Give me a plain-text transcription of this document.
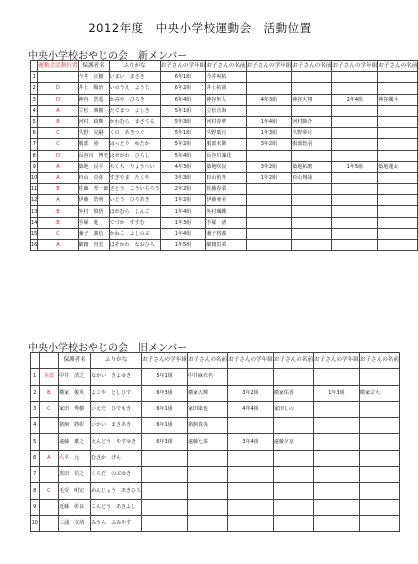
2012年度　中央小学校運動会　活動位置
中央小学校おやじの会　新メンバー
	運動会活動位置	保護者名	ふりがな	お子さんの学年組	お子さんの名前	お子さんの学年組	お子さんの名前	お子さんの学年組	お子さんの名前
1		今井　正樹	いまい　まさき	6年1組	今井爽拓				
2	D	井上　陽治	いのうえ　ようじ	6年2組	井上拓哉				
3	D	神谷　浩基	かみや　ひろき	6年4組	神谷隼人	4年3組	神谷大翔	2年4組	神谷颯斗
4	A	立松　典樹	たてまつ　よしき	5年1組	立松音海				
5	B	河村　政輝	かわむら　まさてる	5年3組	河村春華	1年4組	河村駿介		
6	C	久野　晃嗣	くの　あきつぐ	5年1組	久野葉月	1年3組	久野夢月		
7	C	服部　裕	はっとり　ゆたか	5年2組	服部未衛	3年2組	服部悠羽		
8	D	長谷川　博史	はせがわ　ひろし	5年4組	長谷川凜花				
9	A	築地　良平	ちくち　りょうへい	4年3組	築地咲良	3年2組	築地拓磨	1年5組	築地蓮太
10	A	杉山　卓弥	すぎやま　たくや	3年3組	杉山侑冬	1年2組	杉山翔哉		
11	B	佐藤　孝一郎	さとう　こういちろう	2年2組	佐藤春菜				
12	A	伊藤　浩明	いとう　ひろあき	1年2組	伊藤亜美				
13	B	外村　慎悟	ほかむら　しんご	1年4組	外村颯靴				
14	B	手塚　進	てづか　すすむ	1年3組	手塚　渚				
15	C	兼子　義信	かねこ　よしのぶ	1年4組	兼子将義				
16	A	細籍　直宏	ほそかわ　なおひろ	1年5組	細籍里菜				
中央小学校おやじの会　旧メンバー
		保護者名	ふりがな	お子さんの学年組	お子さんの名前	お子さんの学年組	お子さんの名前	お子さんの学年組	お子さんの名前
1	本部	中井　清之	なかい　きよゆき	5年1組	中井麻衣名				
2	B	横家　俊英	よこや　としひで	6年3組	横家大輝	3年2組	横家佑香	1年3組	横家宗大
3	C	家田　秀樹	いえだ　ひでもき	6年1組	家田康也	4年4組	家田しの		
4		猪飼　將彰	いかい　まさあき	6年1組	猪飼真央				
5		遠藤　雄之	えんどう　やすゆき	6年3組	遠藤七菜	3年4組	遠藤夕京		
6	A	六平　元	むさか　げん						
7		黒田　信之	くろだ　のぶゆき						
8	C	毛受　明宏	めんじょう　あきひろ						
9		近藤　彰良	こんどう　あきよし						
10		三浦　文靖	みうら　ふみやす						
